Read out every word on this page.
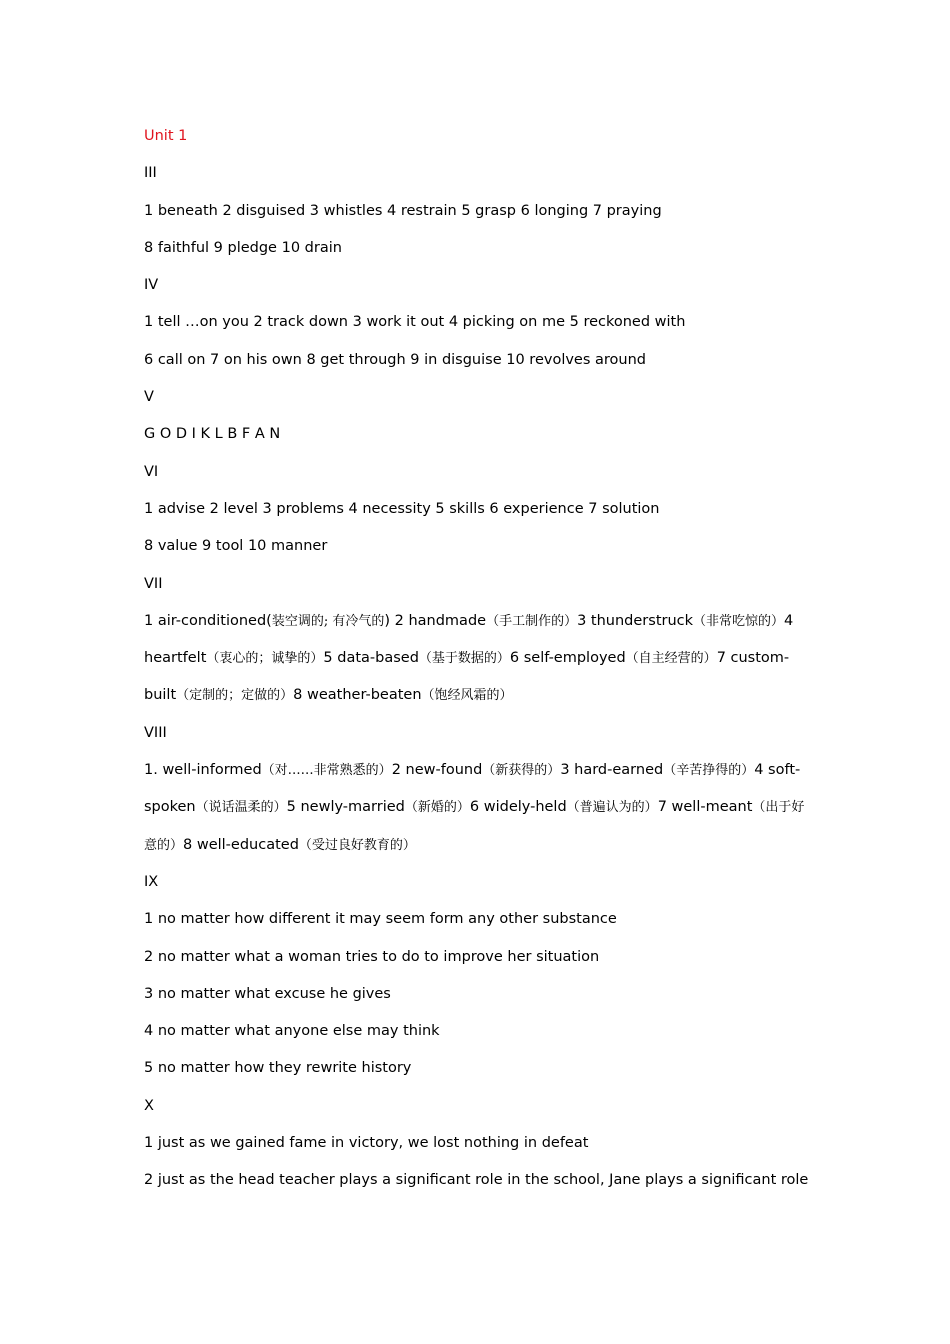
Unit 1
III
1 beneath 2 disguised 3 whistles 4 restrain 5 grasp 6 longing 7 praying
8 faithful 9 pledge 10 drain
IV
1 tell …on you 2 track down 3 work it out 4 picking on me 5 reckoned with
6 call on 7 on his own 8 get through 9 in disguise 10 revolves around
V
G O D I K L B F A N
VI
1 advise 2 level 3 problems 4 necessity 5 skills 6 experience 7 solution
8 value 9 tool 10 manner
VII
1 air-conditioned(装空调的; 有冷气的) 2 handmade（手工制作的）3 thunderstruck（非常吃惊的）4
heartfelt（衷心的；诚挚的）5 data-based（基于数据的）6 self-employed（自主经营的）7 custom-
built（定制的；定做的）8 weather-beaten（饱经风霜的）
VIII
1. well-informed（对……非常熟悉的）2 new-found（新获得的）3 hard-earned（辛苦挣得的）4 soft-
spoken（说话温柔的）5 newly-married（新婚的）6 widely-held（普遍认为的）7 well-meant（出于好
意的）8 well-educated（受过良好教育的）
IX
1 no matter how different it may seem form any other substance
2 no matter what a woman tries to do to improve her situation
3 no matter what excuse he gives
4 no matter what anyone else may think
5 no matter how they rewrite history
X
1 just as we gained fame in victory, we lost nothing in defeat
2 just as the head teacher plays a significant role in the school, Jane plays a significant role
